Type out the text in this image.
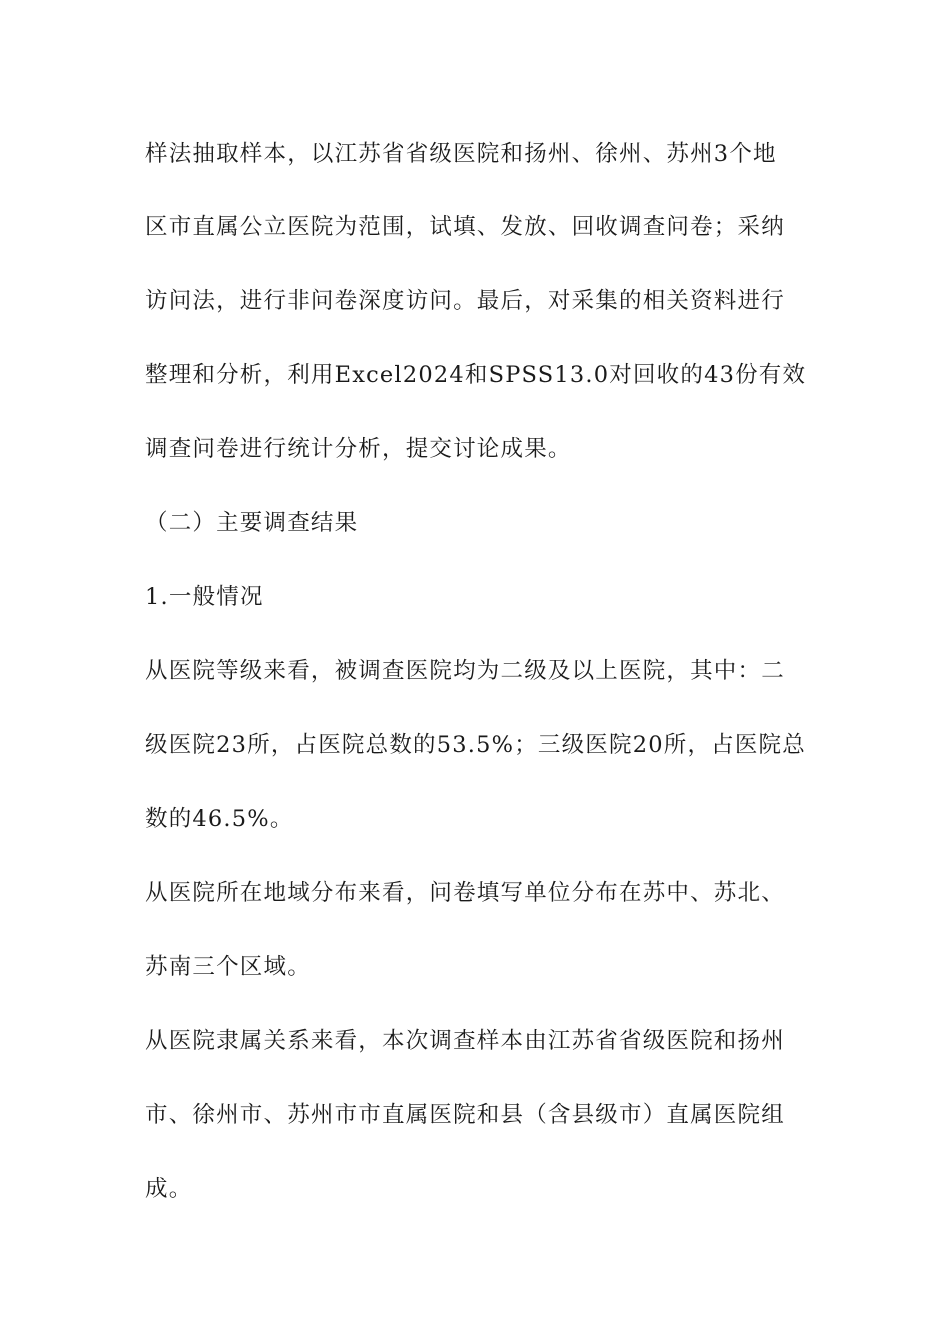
样法抽取样本，以江苏省省级医院和扬州、徐州、苏州3个地
区市直属公立医院为范围，试填、发放、回收调查问卷；采纳
访问法，进行非问卷深度访问。最后，对采集的相关资料进行
整理和分析，利用Excel2024和SPSS13.0对回收的43份有效
调查问卷进行统计分析，提交讨论成果。
（二）主要调查结果
1.一般情况
从医院等级来看，被调查医院均为二级及以上医院，其中：二
级医院23所，占医院总数的53.5%；三级医院20所，占医院总
数的46.5%。
从医院所在地域分布来看，问卷填写单位分布在苏中、苏北、
苏南三个区域。
从医院隶属关系来看，本次调查样本由江苏省省级医院和扬州
市、徐州市、苏州市市直属医院和县（含县级市）直属医院组
成。
